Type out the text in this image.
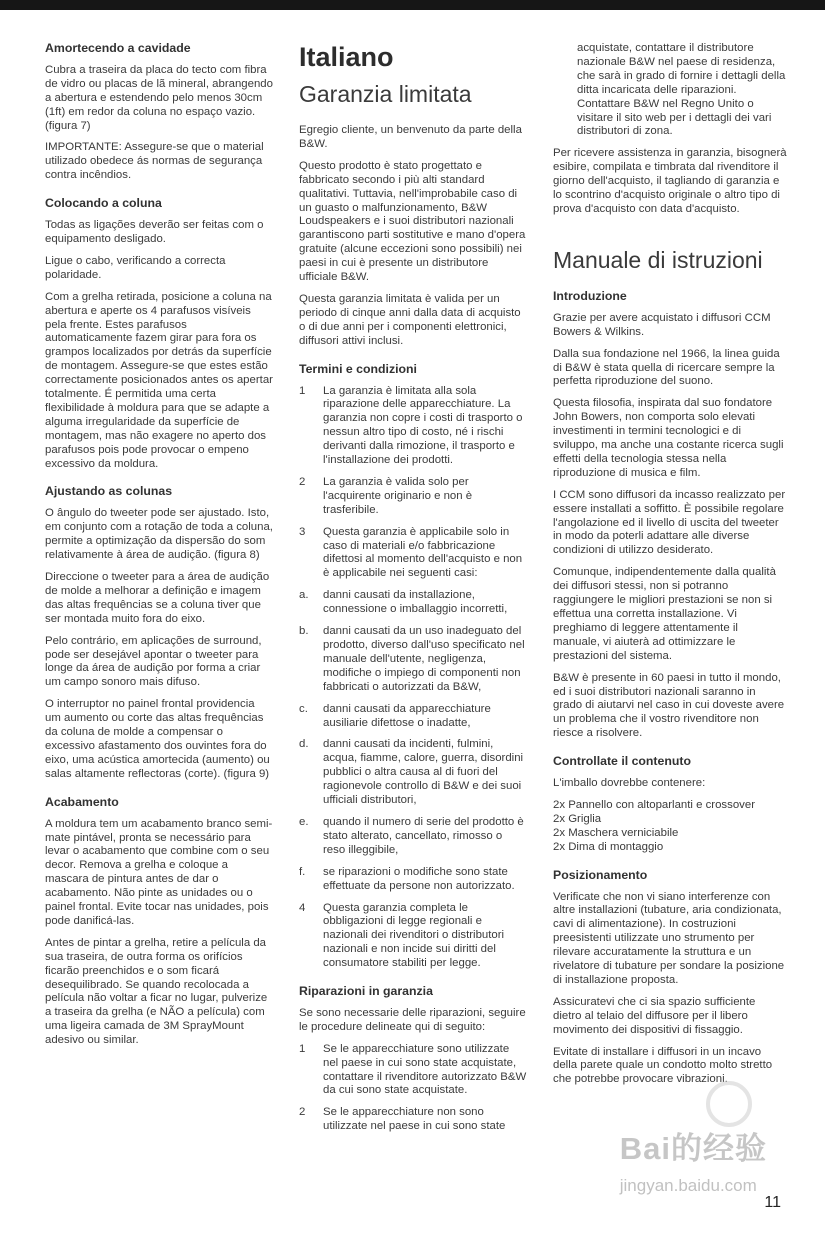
Amortecendo a cavidade

Cubra a traseira da placa do tecto com fibra de vidro ou placas de lã mineral, abrangendo a abertura e estendendo pelo menos 30cm (1ft) em redor da coluna no espaço vazio. (figura 7)

IMPORTANTE: Assegure-se que o material utilizado obedece ás normas de segurança contra incêndios.

Colocando a coluna

Todas as ligações deverão ser feitas com o equipamento desligado.

Ligue o cabo, verificando a correcta polaridade.

Com a grelha retirada, posicione a coluna na abertura e aperte os 4 parafusos visíveis pela frente. Estes parafusos automaticamente fazem girar para fora os grampos localizados por detrás da superfície de montagem. Assegure-se que estes estão correctamente posicionados antes os apertar totalmente. É permitida uma certa flexibilidade à moldura para que se adapte a alguma irregularidade da superfície de montagem, mas não exagere no aperto dos parafusos pois pode provocar o empeno excessivo da moldura.

Ajustando as colunas

O ângulo do tweeter pode ser ajustado. Isto, em conjunto com a rotação de toda a coluna, permite a optimização da dispersão do som relativamente à área de audição. (figura 8)

Direccione o tweeter para a área de audição de molde a melhorar a definição e imagem das altas frequências se a coluna tiver que ser montada muito fora do eixo.

Pelo contrário, em aplicações de surround, pode ser desejável apontar o tweeter para longe da área de audição por forma a criar um campo sonoro mais difuso.

O interruptor no painel frontal providencia um aumento ou corte das altas frequências da coluna de molde a compensar o excessivo afastamento dos ouvintes fora do eixo, uma acústica amortecida (aumento) ou salas altamente reflectoras (corte). (figura 9)

Acabamento

A moldura tem um acabamento branco semi-mate pintável, pronta se necessário para levar o acabamento que combine com o seu decor. Remova a grelha e coloque a mascara de pintura antes de dar o acabamento. Não pinte as unidades ou o painel frontal. Evite tocar nas unidades, pois pode danificá-las.

Antes de pintar a grelha, retire a película da sua traseira, de outra forma os orifícios ficarão preenchidos e o som ficará desequilibrado. Se quando recolocada a película não voltar a ficar no lugar, pulverize a traseira da grelha (e NÃO a película) com uma ligeira camada de 3M SprayMount adesivo ou similar.

Italiano
Garanzia limitata

Egregio cliente, un benvenuto da parte della B&W.

Questo prodotto è stato progettato e fabbricato secondo i più alti standard qualitativi. Tuttavia, nell'improbabile caso di un guasto o malfunzionamento, B&W Loudspeakers e i suoi distributori nazionali garantiscono parti sostitutive e mano d'opera gratuite (alcune eccezioni sono possibili) nei paesi in cui è presente un distributore ufficiale B&W.

Questa garanzia limitata è valida per un periodo di cinque anni dalla data di acquisto o di due anni per i componenti elettronici, diffusori attivi inclusi.

Termini e condizioni
1	La garanzia è limitata alla sola riparazione delle apparecchiature. La garanzia non copre i costi di trasporto o nessun altro tipo di costo, né i rischi derivanti dalla rimozione, il trasporto e l'installazione dei prodotti.
2	La garanzia è valida solo per l'acquirente originario e non è trasferibile.
3	Questa garanzia è applicabile solo in caso di materiali e/o fabbricazione difettosi al momento dell'acquisto e non è applicabile nei seguenti casi:
a.	danni causati da installazione, connessione o imballaggio incorretti,
b.	danni causati da un uso inadeguato del prodotto, diverso dall'uso specificato nel manuale dell'utente, negligenza, modifiche o impiego di componenti non fabbricati o autorizzati da B&W,
c.	danni causati da apparecchiature ausiliarie difettose o inadatte,
d.	danni causati da incidenti, fulmini, acqua, fiamme, calore, guerra, disordini pubblici o altra causa al di fuori del ragionevole controllo di B&W e dei suoi ufficiali distributori,
e.	quando il numero di serie del prodotto è stato alterato, cancellato, rimosso o reso illeggibile,
f.	se riparazioni o modifiche sono state effettuate da persone non autorizzato.
4	Questa garanzia completa le obbligazioni di legge regionali e nazionali dei rivenditori o distributori nazionali e non incide sui diritti del consumatore stabiliti per legge.
Riparazioni in garanzia

Se sono necessarie delle riparazioni, seguire le procedure delineate qui di seguito:

1	Se le apparecchiature sono utilizzate nel paese in cui sono state acquistate, contattare il rivenditore autorizzato B&W da cui sono state acquistate.
2	Se le apparecchiature non sono utilizzate nel paese in cui sono state
acquistate, contattare il distributore nazionale B&W nel paese di residenza, che sarà in grado di fornire i dettagli della ditta incaricata delle riparazioni. Contattare B&W nel Regno Unito o visitare il sito web per i dettagli dei vari distributori di zona.

Per ricevere assistenza in garanzia, bisognerà esibire, compilata e timbrata dal rivenditore il giorno dell'acquisto, il tagliando di garanzia e lo scontrino d'acquisto originale o altro tipo di prova d'acquisto con data d'acquisto.

Manuale di istruzioni
Introduzione

Grazie per avere acquistato i diffusori CCM Bowers & Wilkins.

Dalla sua fondazione nel 1966, la linea guida di B&W è stata quella di ricercare sempre la perfetta riproduzione del suono.

Questa filosofia, inspirata dal suo fondatore John Bowers, non comporta solo elevati investimenti in termini tecnologici e di sviluppo, ma anche una costante ricerca sugli effetti della tecnologia stessa nella riproduzione di musica e film.

I CCM sono diffusori da incasso realizzato per essere installati a soffitto. È possibile regolare l'angolazione ed il livello di uscita del tweeter in modo da poterli adattare alle diverse condizioni di utilizzo desiderato.

Comunque, indipendentemente dalla qualità dei diffusori stessi, non si potranno raggiungere le migliori prestazioni se non si effettua una corretta installazione. Vi preghiamo di leggere attentamente il manuale, vi aiuterà ad ottimizzare le prestazioni del sistema.

B&W è presente in 60 paesi in tutto il mondo, ed i suoi distributori nazionali saranno in grado di aiutarvi nel caso in cui doveste avere un problema che il vostro rivenditore non riesce a risolvere.

Controllate il contenuto

L'imballo dovrebbe contenere:

2x Pannello con altoparlanti e crossover
2x Griglia
2x Maschera verniciabile
2x Dima di montaggio
Posizionamento

Verificate che non vi siano interferenze con altre installazioni (tubature, aria condizionata, cavi di alimentazione). In costruzioni preesistenti utilizzate uno strumento per rilevare accuratamente la struttura e un rivelatore di tubature per sondare la posizione di installazione proposta.

Assicuratevi che ci sia spazio sufficiente dietro al telaio del diffusore per il libero movimento dei dispositivi di fissaggio.

Evitate di installare i diffusori in un incavo della parete quale un condotto molto stretto che potrebbe provocare vibrazioni.

Bai的经验
jingyan.baidu.com
11
